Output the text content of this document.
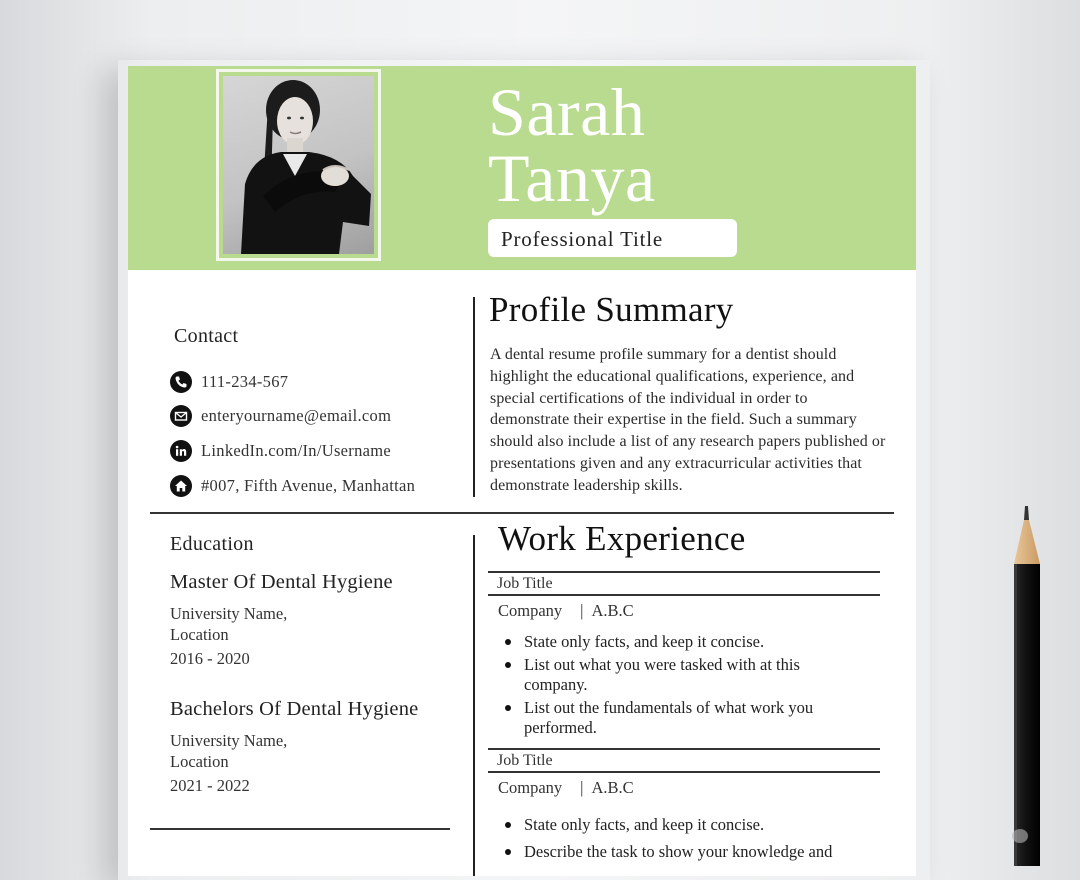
Sarah
Tanya
Professional Title
Contact
111-234-567
enteryourname@email.com
LinkedIn.com/In/Username
#007, Fifth Avenue, Manhattan
Profile Summary
A dental resume profile summary for a dentist should highlight the educational qualifications, experience, and special certifications of the individual in order to demonstrate their expertise in the field. Such a summary should also include a list of any research papers published or presentations given and any extracurricular activities that demonstrate leadership skills.
Education
Master Of Dental Hygiene
University Name,
Location
2016 - 2020
Bachelors Of Dental Hygiene
University Name,
Location
2021 - 2022
Work Experience
Job Title
Company | A.B.C
State only facts, and keep it concise.
List out what you were tasked with at this company.
List out the fundamentals of what work you performed.
Job Title
Company | A.B.C
State only facts, and keep it concise.
Describe the task to show your knowledge and
